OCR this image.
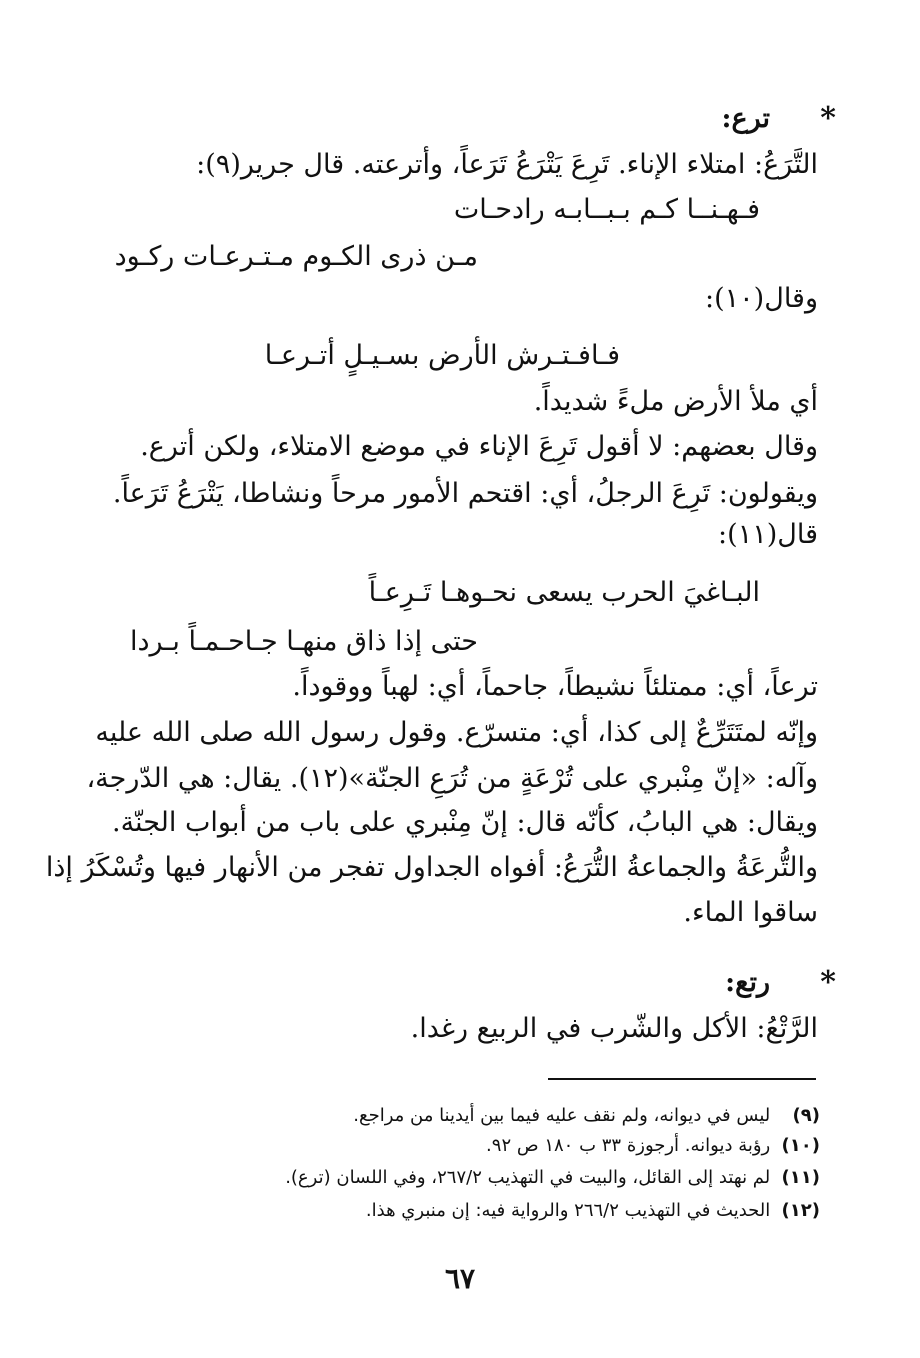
*
ترع:
التَّرَعُ: امتلاء الإناء. تَرِعَ يَتْرَعُ تَرَعاً، وأترعته. قال جرير(٩):
فـهـنــا كـم بـبــابـه رادحـات
مـن ذرى الكـوم مـتـرعـات ركـود
وقال(١٠):
فـافـتـرش الأرض بسـيـلٍ أتـرعـا
أي ملأ الأرض ملءً شديداً.
وقال بعضهم: لا أقول تَرِعَ الإناء في موضع الامتلاء، ولكن أترع.
ويقولون: تَرِعَ الرجلُ، أي: اقتحم الأمور مرحاً ونشاطا، يَتْرَعُ تَرَعاً.
قال(١١):
البـاغيَ الحرب يسعى نحـوهـا تَـرِعـاً
حتى إذا ذاق منهـا جـاحـمـاً بـردا
ترعاً، أي: ممتلئاً نشيطاً، جاحماً، أي: لهباً ووقوداً.
وإنّه لمتَتَرِّعٌ إلى كذا، أي: متسرّع. وقول رسول الله صلى الله عليه
وآله: «إنّ مِنْبري على تُرْعَةٍ من تُرَعِ الجنّة»(١٢). يقال: هي الدّرجة،
ويقال: هي البابُ، كأنّه قال: إنّ مِنْبري على باب من أبواب الجنّة.
والتُّرعَةُ والجماعةُ التُّرَعُ: أفواه الجداول تفجر من الأنهار فيها وتُسْكَرُ إذا
ساقوا الماء.
*
رتع:
الرَّتْعُ: الأكل والشّرب في الربيع رغدا.
(٩) ليس في ديوانه، ولم نقف عليه فيما بين أيدينا من مراجع.
(١٠) رؤبة ديوانه. أرجوزة ٣٣ ب ١٨٠ ص ٩٢.
(١١) لم نهتد إلى القائل، والبيت في التهذيب ٢٦٧/٢، وفي اللسان (ترع).
(١٢) الحديث في التهذيب ٢٦٦/٢ والرواية فيه: إن منبري هذا.
٦٧
